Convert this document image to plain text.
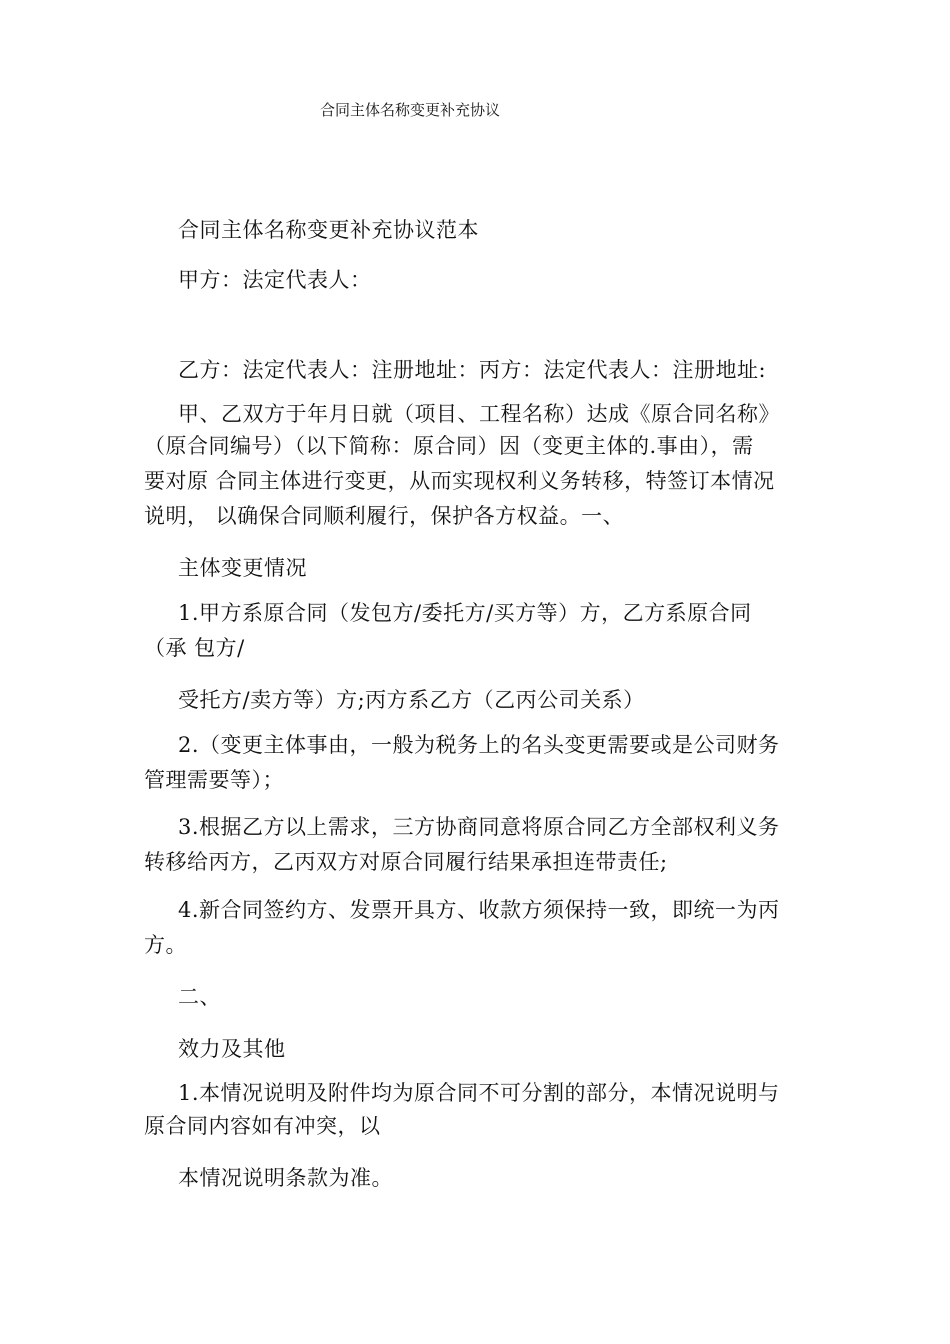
合同主体名称变更补充协议
合同主体名称变更补充协议范本
甲方：法定代表人：
乙方：法定代表人：注册地址：丙方：法定代表人：注册地址:
甲、乙双方于年月日就（项目、工程名称）达成《原合同名称》
（原合同编号）（以下简称：原合同）因（变更主体的.事由），需
要对原 合同主体进行变更，从而实现权利义务转移，特签订本情况
说明， 以确保合同顺利履行，保护各方权益。一、
主体变更情况
1.甲方系原合同（发包方/委托方/买方等）方，乙方系原合同
（承 包方/
受托方/卖方等）方;丙方系乙方（乙丙公司关系）
2.（变更主体事由，一般为税务上的名头变更需要或是公司财务
管理需要等）；
3.根据乙方以上需求，三方协商同意将原合同乙方全部权利义务
转移给丙方，乙丙双方对原合同履行结果承担连带责任;
4.新合同签约方、发票开具方、收款方须保持一致，即统一为丙
方。
二、
效力及其他
1.本情况说明及附件均为原合同不可分割的部分，本情况说明与
原合同内容如有冲突，以
本情况说明条款为准。
